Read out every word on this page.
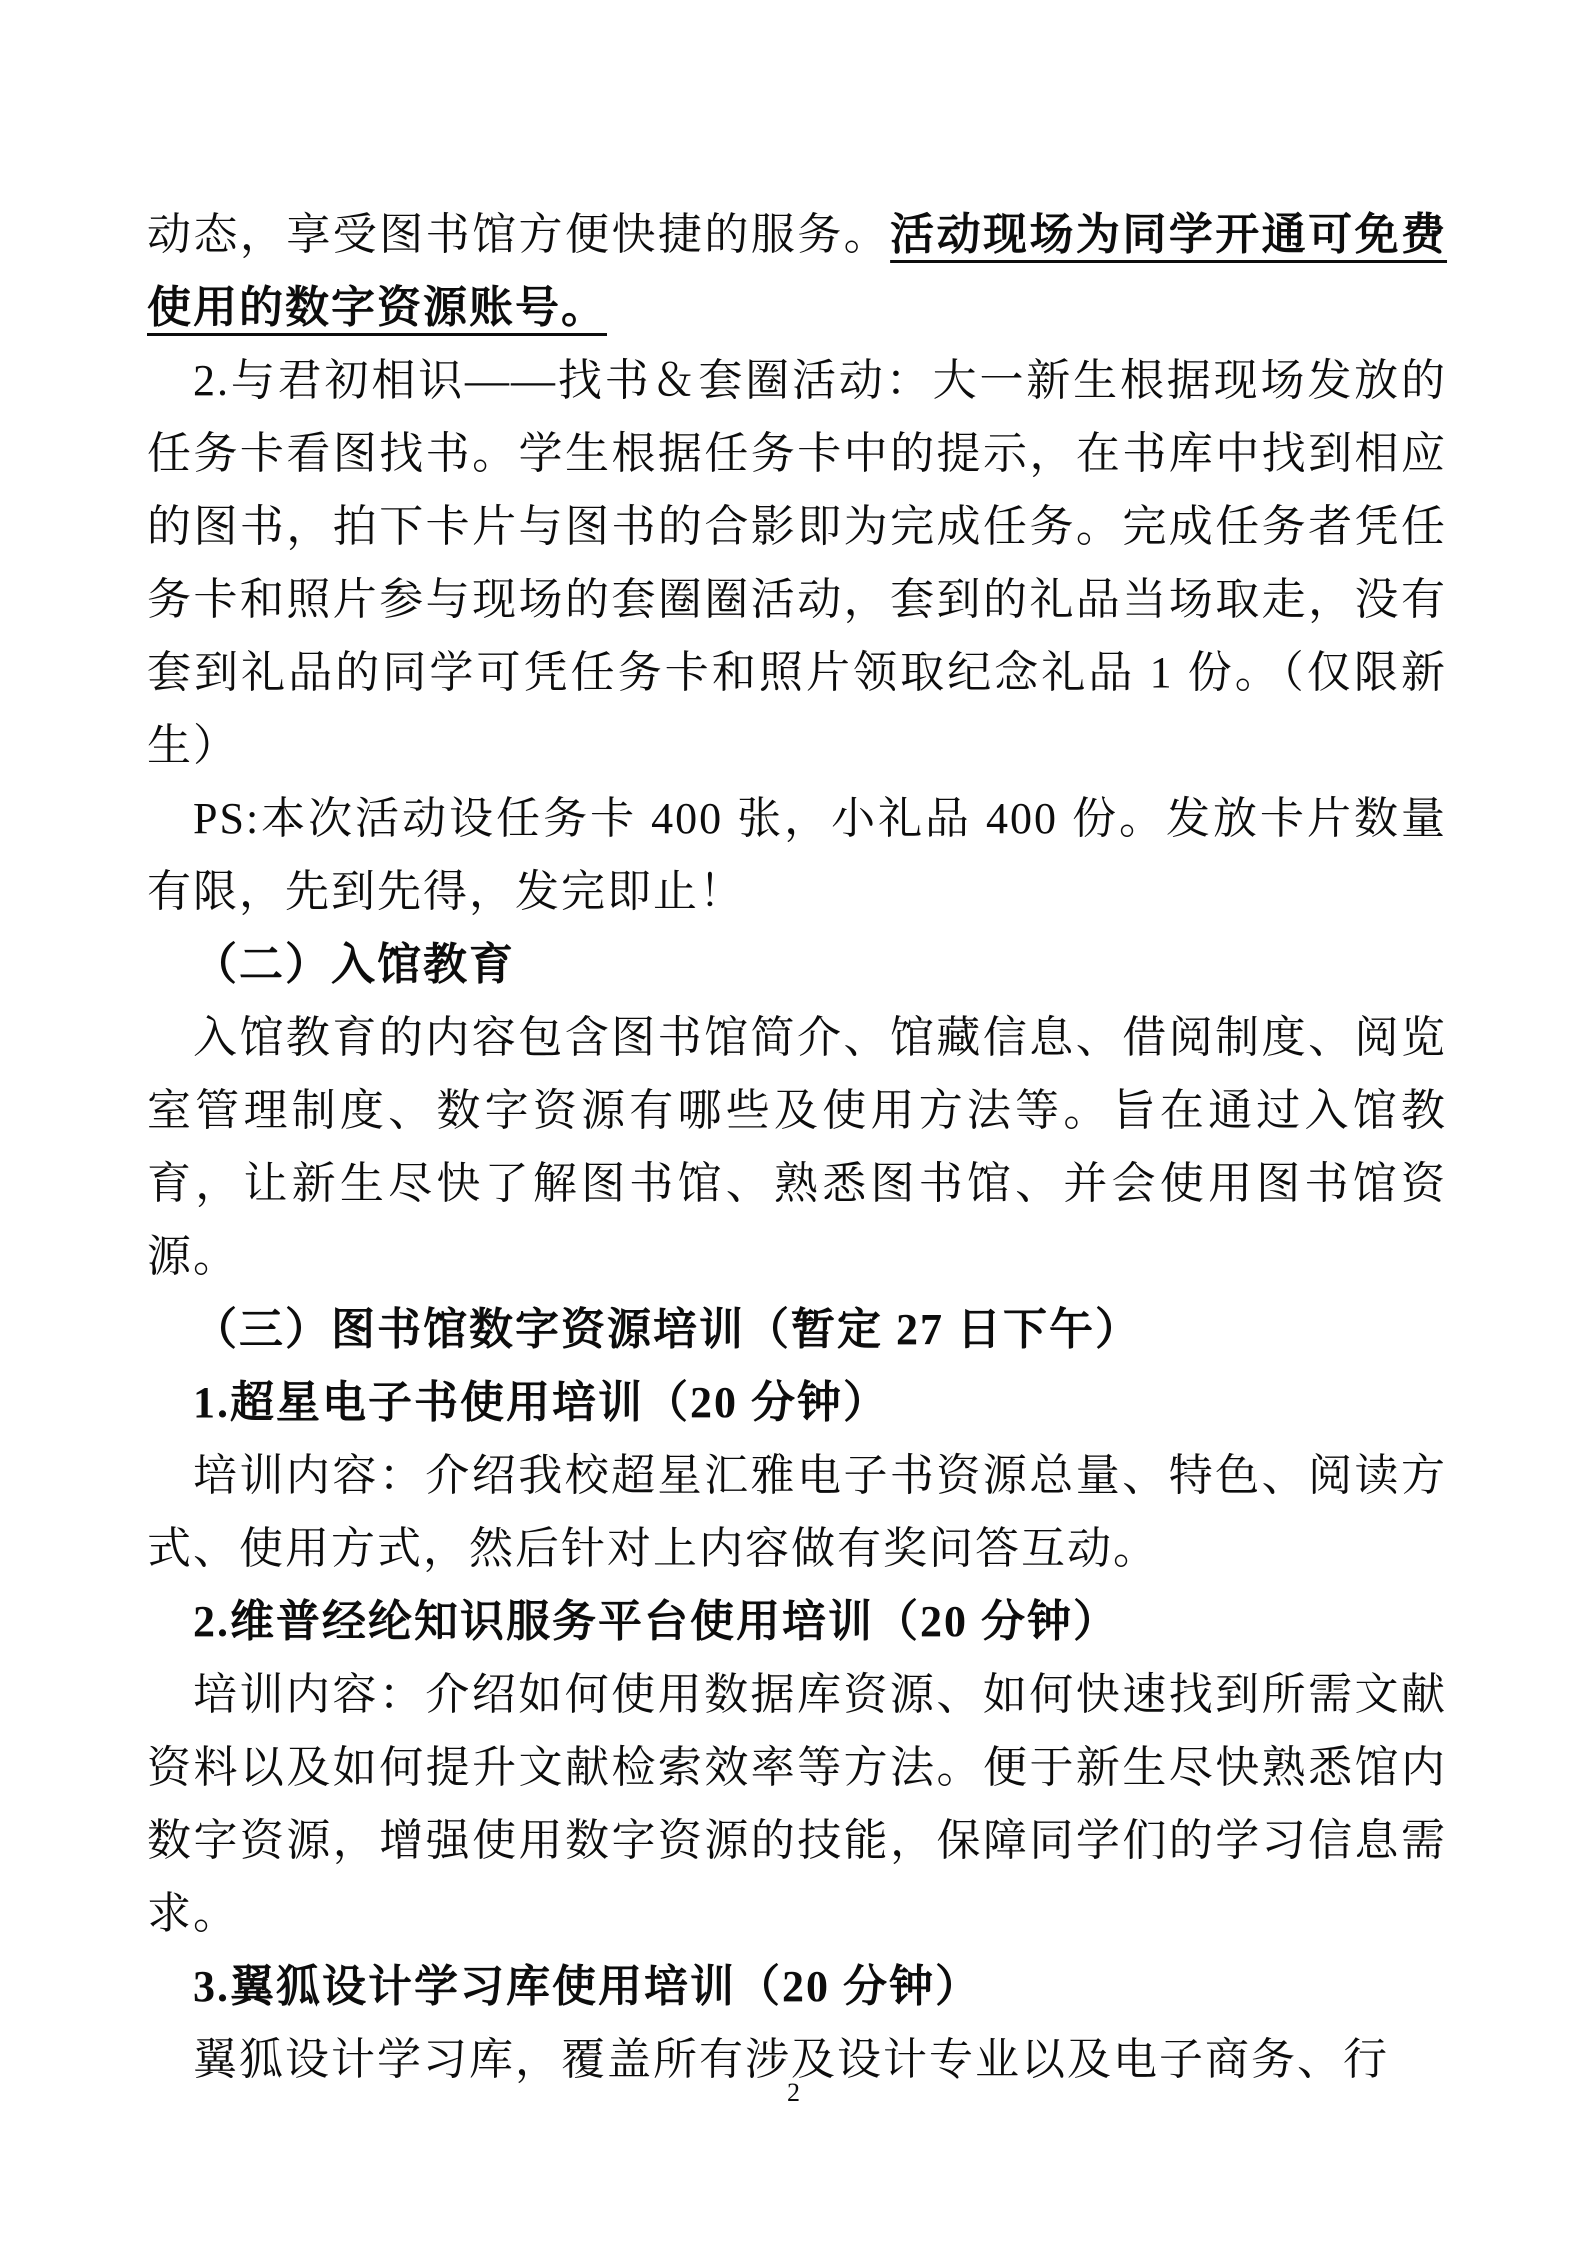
动态，享受图书馆方便快捷的服务。活动现场为同学开通可免费使用的数字资源账号。

2.与君初相识——找书＆套圈活动：大一新生根据现场发放的任务卡看图找书。学生根据任务卡中的提示，在书库中找到相应的图书，拍下卡片与图书的合影即为完成任务。完成任务者凭任务卡和照片参与现场的套圈圈活动，套到的礼品当场取走，没有套到礼品的同学可凭任务卡和照片领取纪念礼品 1 份。（仅限新生）

PS:本次活动设任务卡 400 张，小礼品 400 份。发放卡片数量有限，先到先得，发完即止！

（二）入馆教育

入馆教育的内容包含图书馆简介、馆藏信息、借阅制度、阅览室管理制度、数字资源有哪些及使用方法等。旨在通过入馆教育，让新生尽快了解图书馆、熟悉图书馆、并会使用图书馆资源。

（三）图书馆数字资源培训（暂定 27 日下午）

1.超星电子书使用培训（20 分钟）

培训内容：介绍我校超星汇雅电子书资源总量、特色、阅读方式、使用方式，然后针对上内容做有奖问答互动。

2.维普经纶知识服务平台使用培训（20 分钟）

培训内容：介绍如何使用数据库资源、如何快速找到所需文献资料以及如何提升文献检索效率等方法。便于新生尽快熟悉馆内数字资源，增强使用数字资源的技能，保障同学们的学习信息需求。

3.翼狐设计学习库使用培训（20 分钟）

翼狐设计学习库，覆盖所有涉及设计专业以及电子商务、行

2
